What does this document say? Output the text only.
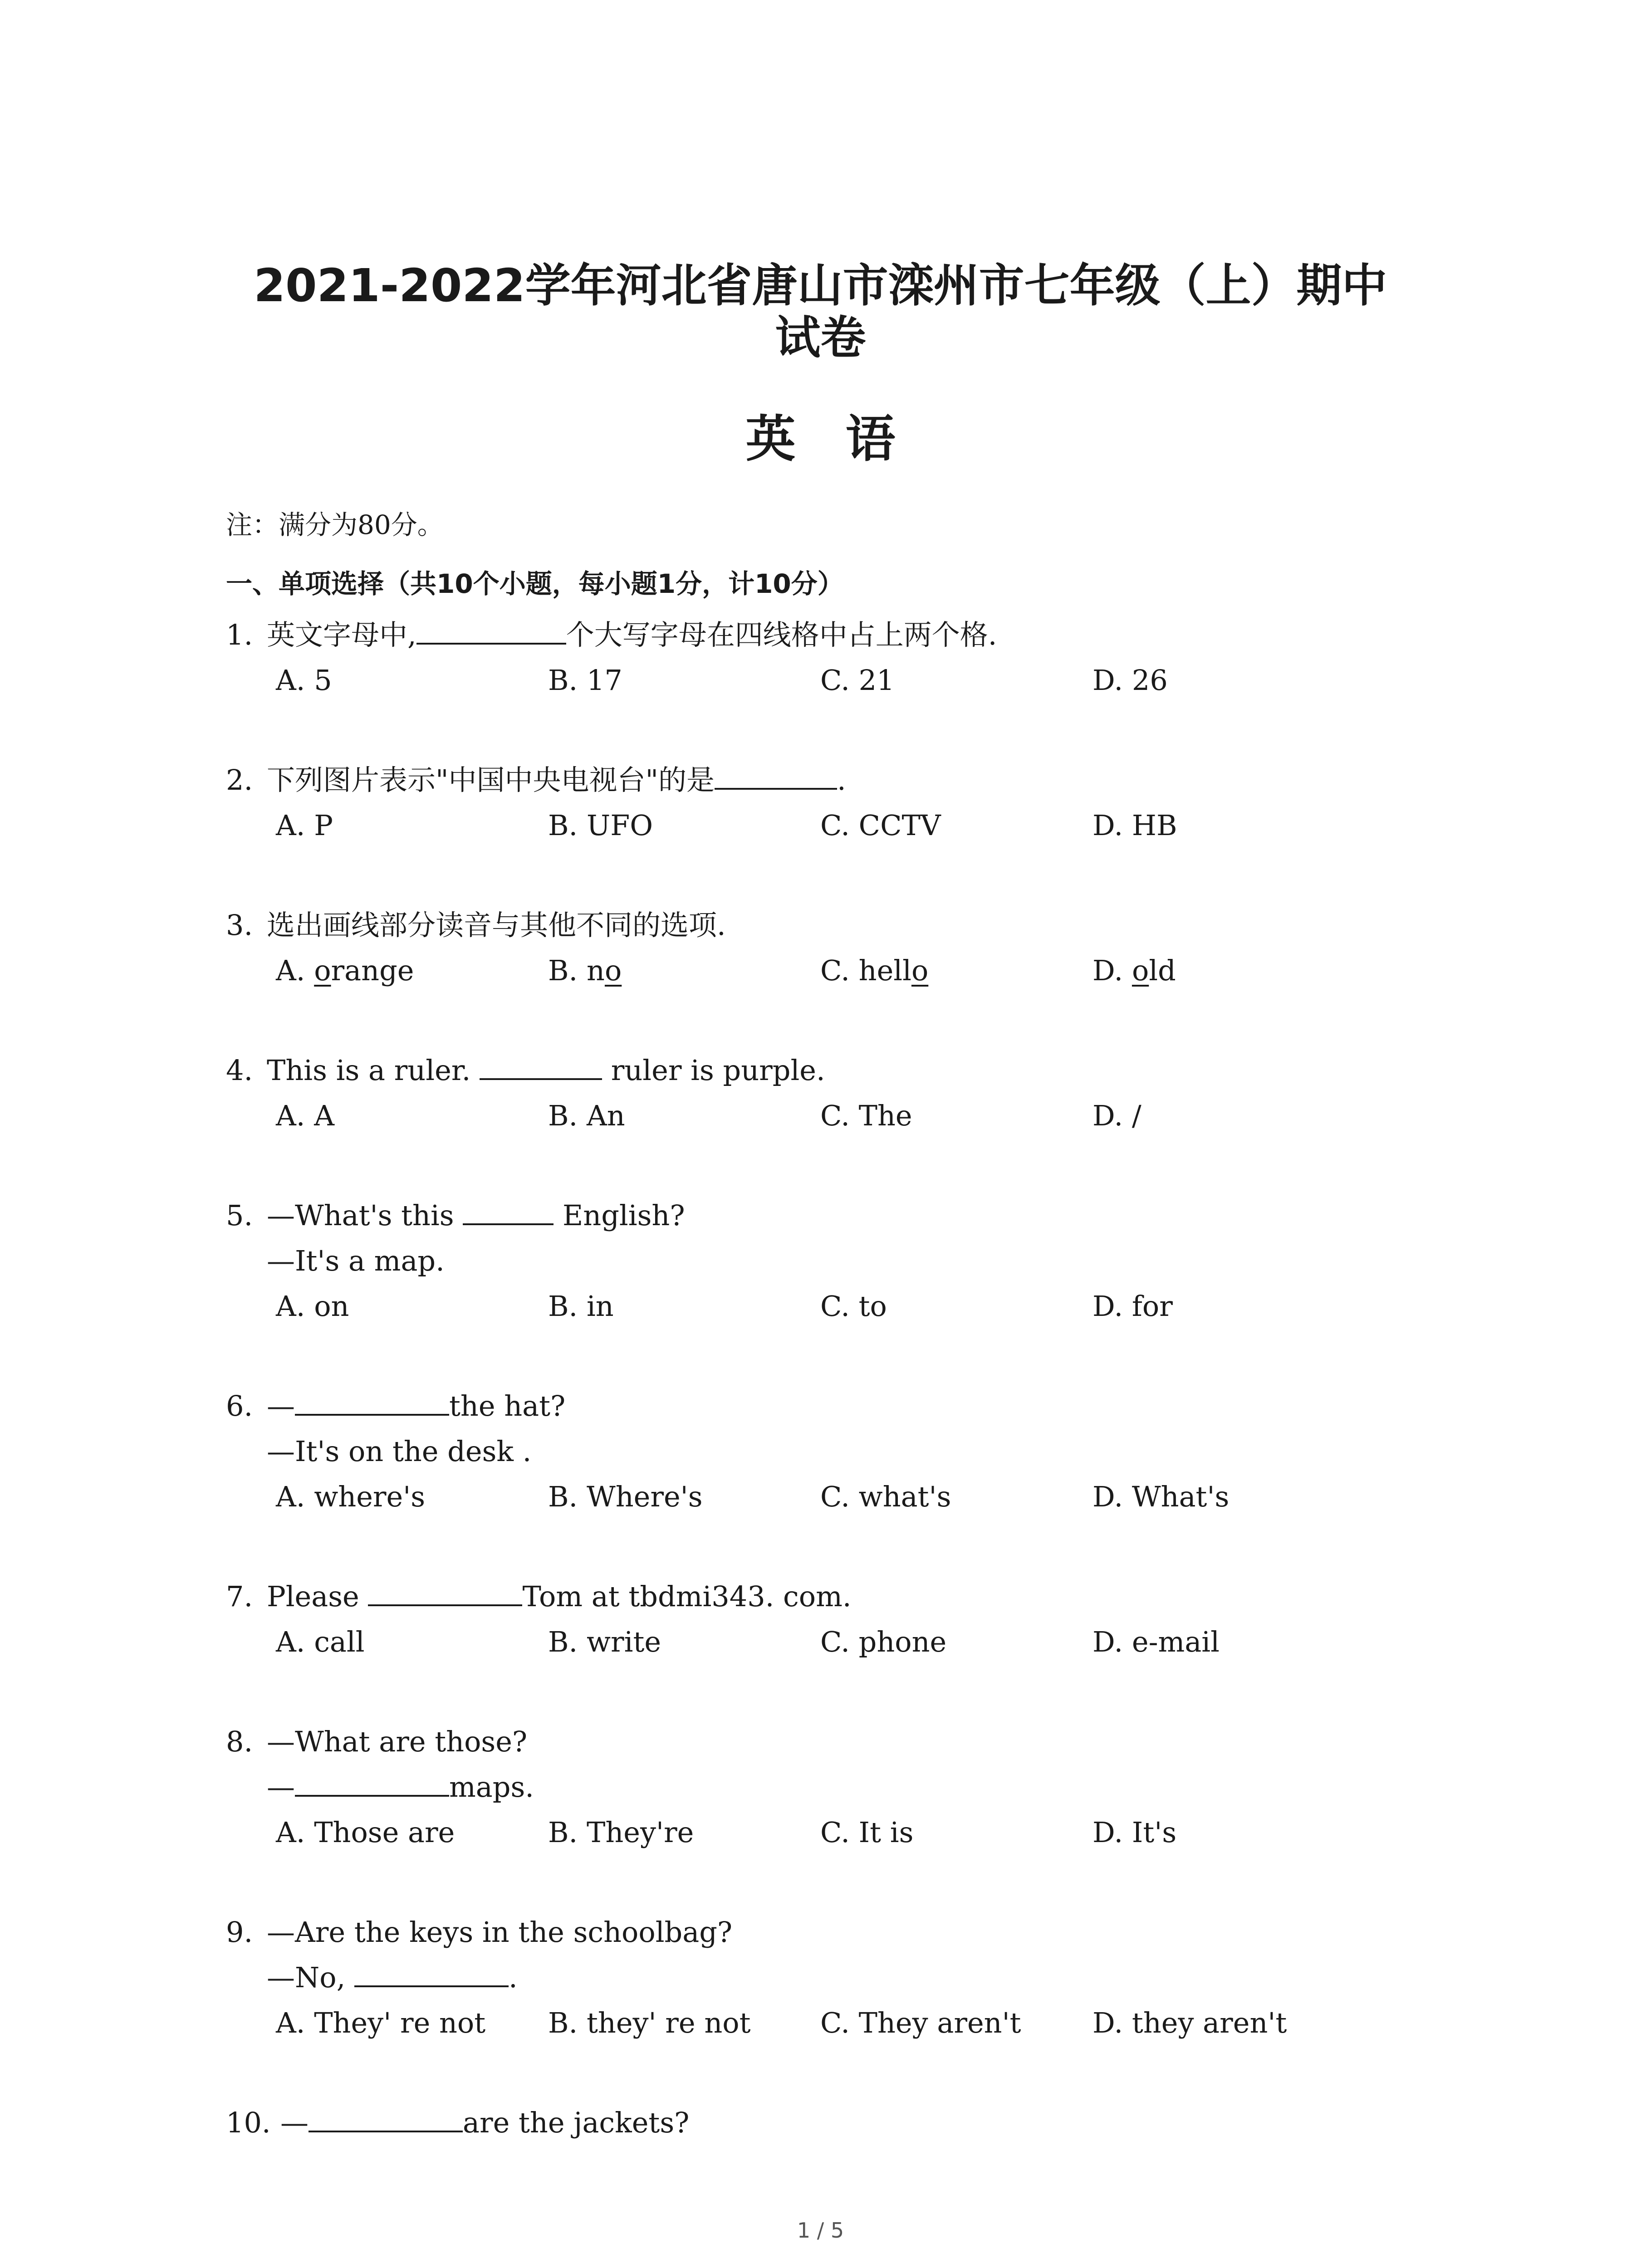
2021-2022学年河北省唐山市滦州市七年级（上）期中
试卷
英语
注：满分为80分。
一、单项选择（共10个小题，每小题1分，计10分）
1. 英文字母中,	个大写字母在四线格中占上两个格.
A. 5	B. 17	C. 21	D. 26
2. 下列图片表示"中国中央电视台"的是	.
A. P	B. UFO	C. CCTV	D. HB
3. 选出画线部分读音与其他不同的选项.
A. orange	B. no	C. hello	D. old
4. This is a ruler.	ruler is purple.
A. A	B. An	C. The	D. /
5. —What's this	English?
—It's a map.
A. on	B. in	C. to	D. for
6. —	the hat?
—It's on the desk .
A. where's	B. Where's	C. what's	D. What's
7. Please	Tom at tbdmi343. com.
A. call	B. write	C. phone	D. e-mail
8. —What are those?
—	maps.
A. Those are	B. They're	C. It is	D. It's
9. —Are the keys in the schoolbag?
—No,	.
A. They' re not B. they' re not C. They aren't	D. they aren't
10. —	are the jackets?
1 / 5
